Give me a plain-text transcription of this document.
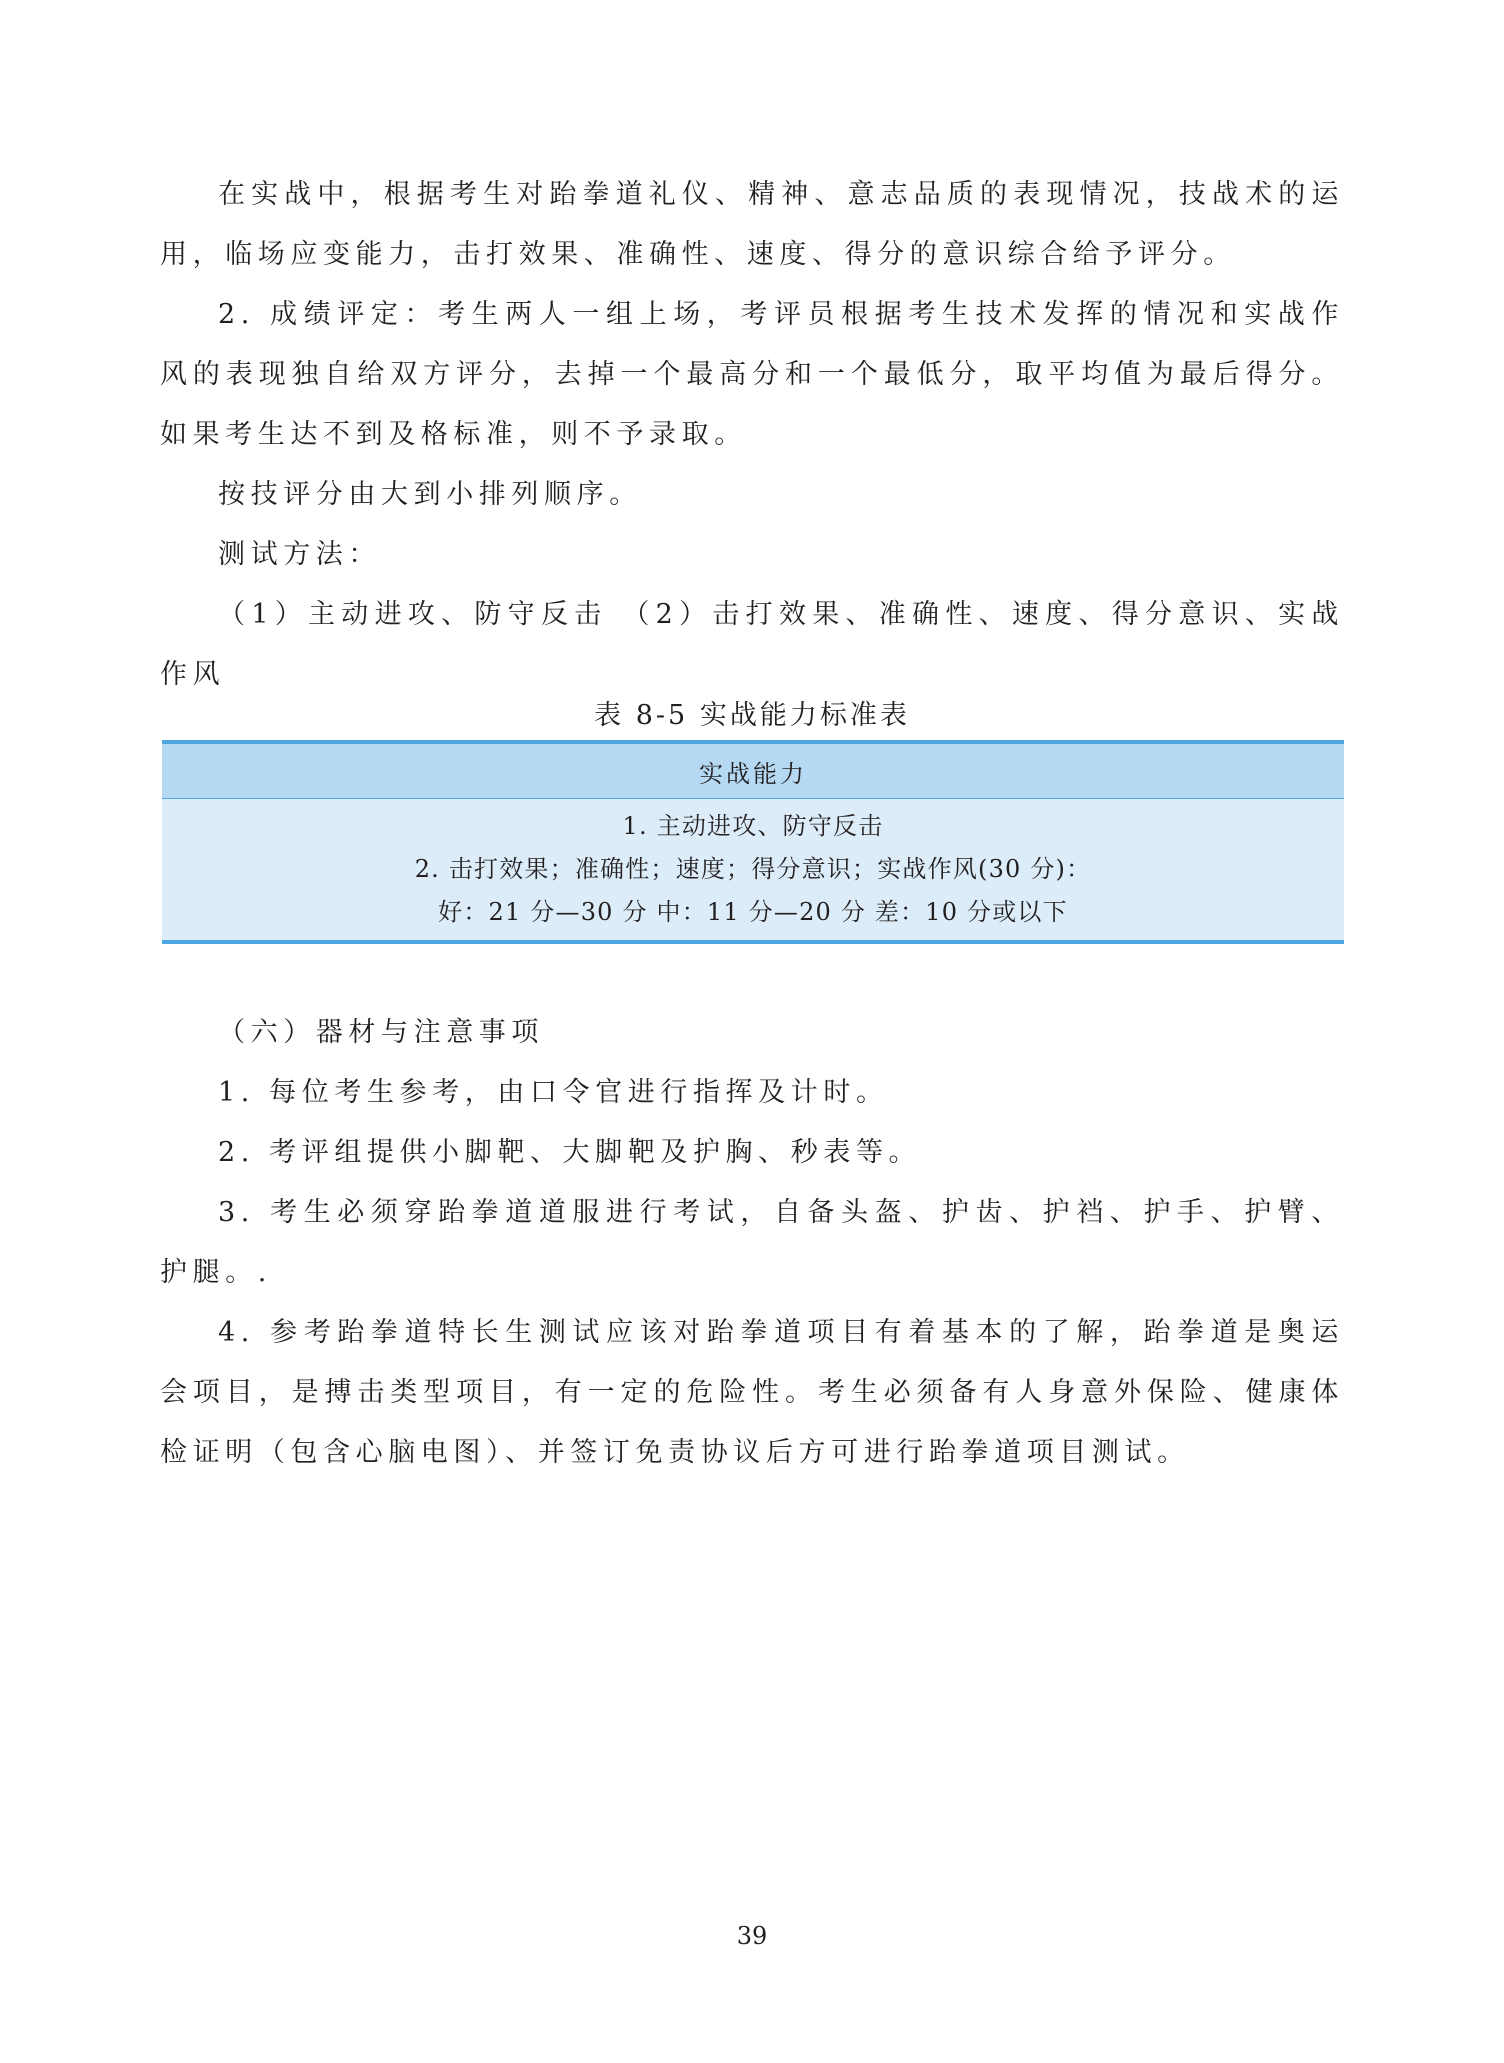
在实战中，根据考生对跆拳道礼仪、精神、意志品质的表现情况，技战术的运用，临场应变能力，击打效果、准确性、速度、得分的意识综合给予评分。

2. 成绩评定：考生两人一组上场，考评员根据考生技术发挥的情况和实战作风的表现独自给双方评分，去掉一个最高分和一个最低分，取平均值为最后得分。如果考生达不到及格标准，则不予录取。

按技评分由大到小排列顺序。

测试方法：

（1）主动进攻、防守反击 （2）击打效果、准确性、速度、得分意识、实战作风

表 8-5 实战能力标准表
实战能力

1. 主动进攻、防守反击
2. 击打效果；准确性；速度；得分意识；实战作风(30 分)：
好：21 分—30 分 中：11 分—20 分 差：10 分或以下

（六）器材与注意事项

1. 每位考生参考，由口令官进行指挥及计时。

2. 考评组提供小脚靶、大脚靶及护胸、秒表等。

3. 考生必须穿跆拳道道服进行考试，自备头盔、护齿、护裆、护手、护臂、护腿。.

4. 参考跆拳道特长生测试应该对跆拳道项目有着基本的了解，跆拳道是奥运会项目，是搏击类型项目，有一定的危险性。考生必须备有人身意外保险、健康体检证明（包含心脑电图）、并签订免责协议后方可进行跆拳道项目测试。

39
